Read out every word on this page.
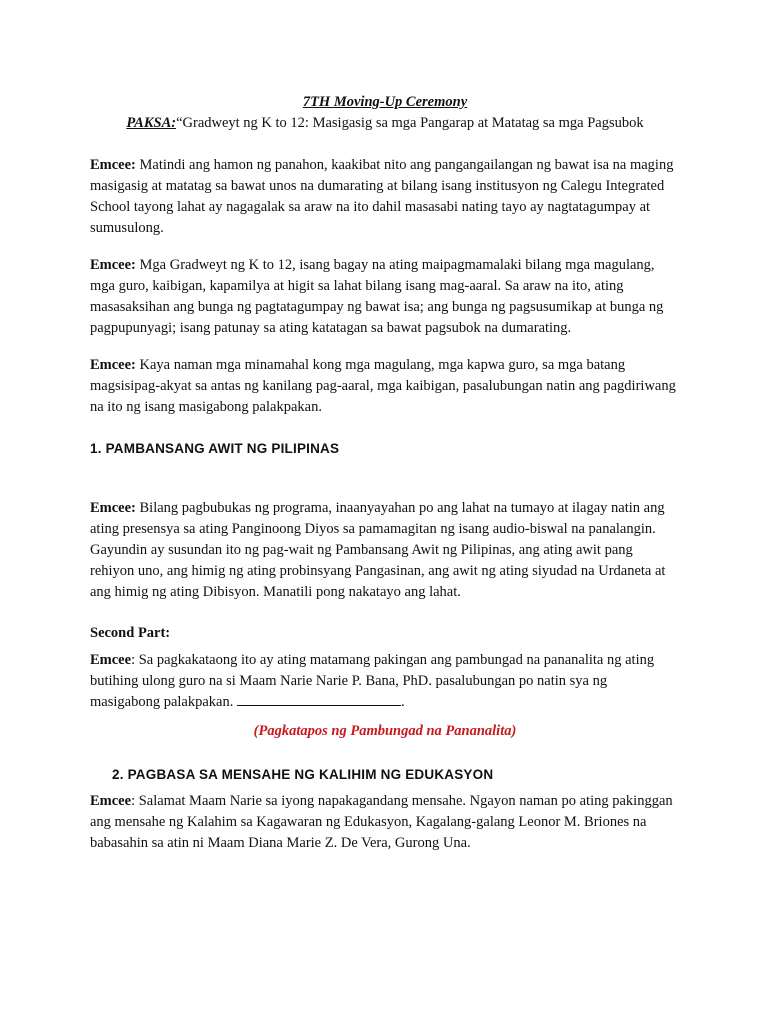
7TH Moving-Up Ceremony

PAKSA:“Gradweyt ng K to 12: Masigasig sa mga Pangarap at Matatag sa mga Pagsubok

Emcee: Matindi ang hamon ng panahon, kaakibat nito ang pangangailangan ng bawat isa na maging masigasig at matatag sa bawat unos na dumarating at bilang isang institusyon ng Calegu Integrated School tayong lahat ay nagagalak sa araw na ito dahil masasabi nating tayo ay nagtatagumpay at sumusulong.

Emcee: Mga Gradweyt ng K to 12, isang bagay na ating maipagmamalaki bilang mga magulang, mga guro, kaibigan, kapamilya at higit sa lahat bilang isang mag-aaral. Sa araw na ito, ating masasaksihan ang bunga ng pagtatagumpay ng bawat isa; ang bunga ng pagsusumikap at bunga ng pagpupunyagi; isang patunay sa ating katatagan sa bawat pagsubok na dumarating.

Emcee: Kaya naman mga minamahal kong mga magulang, mga kapwa guro, sa mga batang magsisipag-akyat sa antas ng kanilang pag-aaral, mga kaibigan, pasalubungan natin ang pagdiriwang na ito ng isang masigabong palakpakan.

1. PAMBANSANG AWIT NG PILIPINAS

Emcee: Bilang pagbubukas ng programa, inaanyayahan po ang lahat na tumayo at ilagay natin ang ating presensya sa ating Panginoong Diyos sa pamamagitan ng isang audio-biswal na panalangin. Gayundin ay susundan ito ng pag-wait ng Pambansang Awit ng Pilipinas, ang ating awit pang rehiyon uno, ang himig ng ating probinsyang Pangasinan, ang awit ng ating siyudad na Urdaneta at ang himig ng ating Dibisyon. Manatili pong nakatayo ang lahat.

Second Part:

Emcee: Sa pagkakataong ito ay ating matamang pakingan ang pambungad na pananalita ng ating butihing ulong guro na si Maam Narie Narie P. Bana, PhD. pasalubungan po natin sya ng masigabong palakpakan.	.

(Pagkatapos ng Pambungad na Pananalita)

2. PAGBASA SA MENSAHE NG KALIHIM NG EDUKASYON

Emcee: Salamat Maam Narie sa iyong napakagandang mensahe. Ngayon naman po ating pakinggan ang mensahe ng Kalahim sa Kagawaran ng Edukasyon, Kagalang-galang Leonor M. Briones na babasahin sa atin ni Maam Diana Marie Z. De Vera, Gurong Una.
